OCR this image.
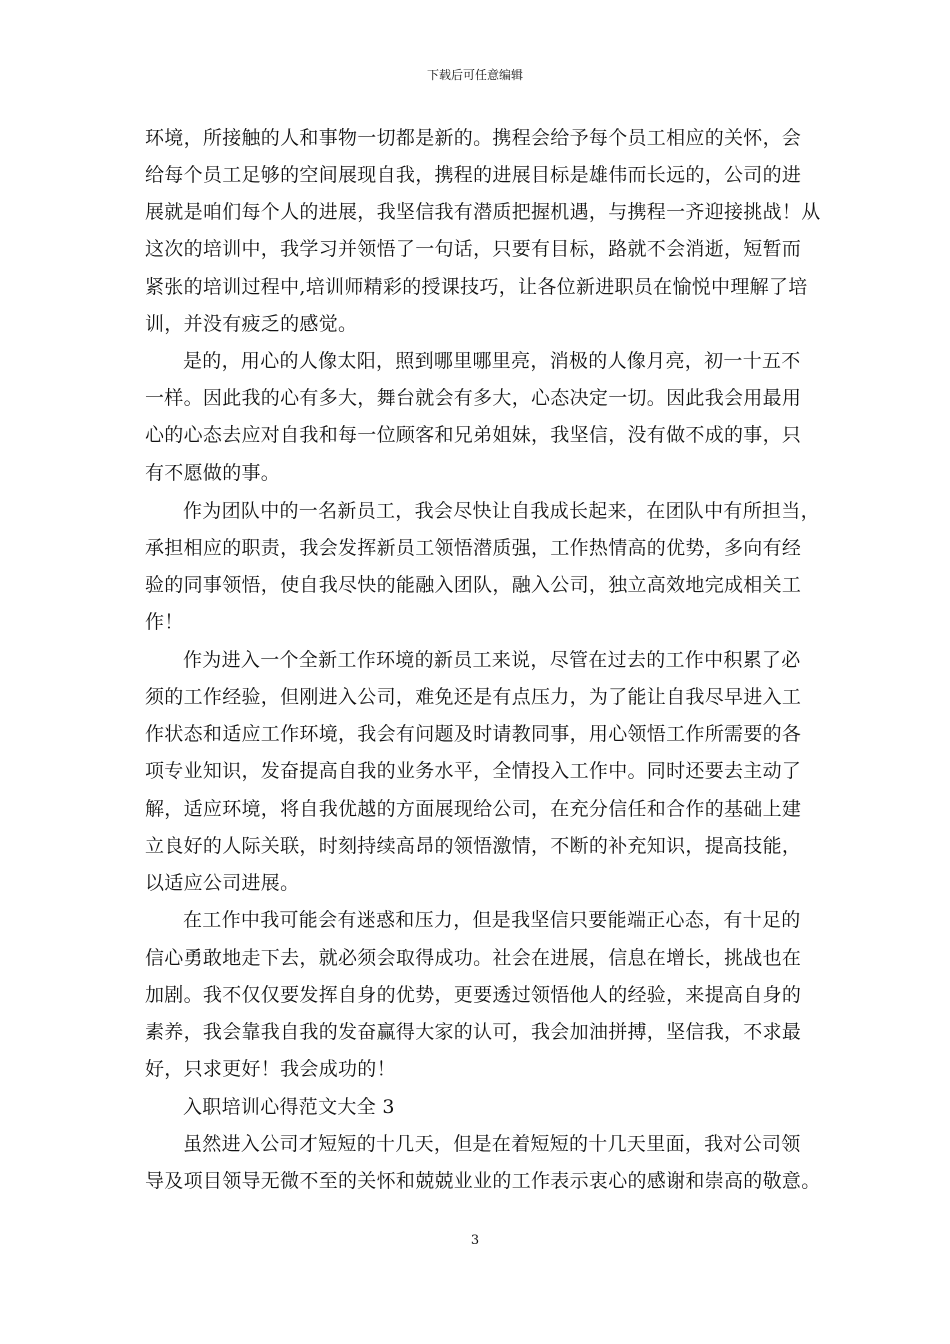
下载后可任意编辑
环境，所接触的人和事物一切都是新的。携程会给予每个员工相应的关怀，会
给每个员工足够的空间展现自我，携程的进展目标是雄伟而长远的，公司的进
展就是咱们每个人的进展，我坚信我有潜质把握机遇，与携程一齐迎接挑战！从
这次的培训中，我学习并领悟了一句话，只要有目标，路就不会消逝，短暂而
紧张的培训过程中,培训师精彩的授课技巧，让各位新进职员在愉悦中理解了培
训，并没有疲乏的感觉。
是的，用心的人像太阳，照到哪里哪里亮，消极的人像月亮，初一十五不
一样。因此我的心有多大，舞台就会有多大，心态决定一切。因此我会用最用
心的心态去应对自我和每一位顾客和兄弟姐妹，我坚信，没有做不成的事，只
有不愿做的事。
作为团队中的一名新员工，我会尽快让自我成长起来，在团队中有所担当，
承担相应的职责，我会发挥新员工领悟潜质强，工作热情高的优势，多向有经
验的同事领悟，使自我尽快的能融入团队，融入公司，独立高效地完成相关工
作！
作为进入一个全新工作环境的新员工来说，尽管在过去的工作中积累了必
须的工作经验，但刚进入公司，难免还是有点压力，为了能让自我尽早进入工
作状态和适应工作环境，我会有问题及时请教同事，用心领悟工作所需要的各
项专业知识，发奋提高自我的业务水平，全情投入工作中。同时还要去主动了
解，适应环境，将自我优越的方面展现给公司，在充分信任和合作的基础上建
立良好的人际关联，时刻持续高昂的领悟激情，不断的补充知识，提高技能，
以适应公司进展。
在工作中我可能会有迷惑和压力，但是我坚信只要能端正心态，有十足的
信心勇敢地走下去，就必须会取得成功。社会在进展，信息在增长，挑战也在
加剧。我不仅仅要发挥自身的优势，更要透过领悟他人的经验，来提高自身的
素养，我会靠我自我的发奋赢得大家的认可，我会加油拼搏，坚信我，不求最
好，只求更好！我会成功的！
入职培训心得范文大全 3
虽然进入公司才短短的十几天，但是在着短短的十几天里面，我对公司领
导及项目领导无微不至的关怀和兢兢业业的工作表示衷心的感谢和崇高的敬意。
3
